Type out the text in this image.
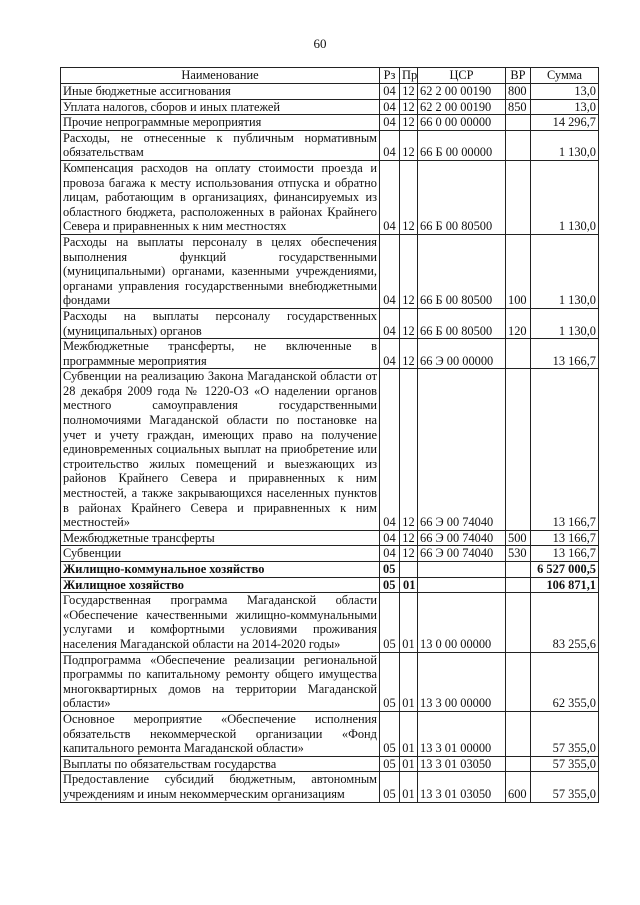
60
Наименование	Рз	Пр	ЦСР	ВР	Сумма
Иные бюджетные ассигнования	04	12	62 2 00 00190	800	13,0
Уплата налогов, сборов и иных платежей	04	12	62 2 00 00190	850	13,0
Прочие непрограммные мероприятия	04	12	66 0 00 00000		14 296,7
Расходы, не отнесенные к публичным нормативным обязательствам	04	12	66 Б 00 00000		1 130,0
Компенсация расходов на оплату стоимости проезда и провоза багажа к месту использования отпуска и обратно лицам, работающим в организациях, финансируемых из областного бюджета, расположенных в районах Крайнего Севера и приравненных к ним местностях	04	12	66 Б 00 80500		1 130,0
Расходы на выплаты персоналу в целях обеспечения выполнения функций государственными (муниципальными) органами, казенными учреждениями, органами управления государственными внебюджетными фондами	04	12	66 Б 00 80500	100	1 130,0
Расходы на выплаты персоналу государственных (муниципальных) органов	04	12	66 Б 00 80500	120	1 130,0
Межбюджетные трансферты, не включенные в программные мероприятия	04	12	66 Э 00 00000		13 166,7
Субвенции на реализацию Закона Магаданской области от 28 декабря 2009 года № 1220-ОЗ «О наделении органов местного самоуправления государственными полномочиями Магаданской области по постановке на учет и учету граждан, имеющих право на получение единовременных социальных выплат на приобретение или строительство жилых помещений и выезжающих из районов Крайнего Севера и приравненных к ним местностей, а также закрывающихся населенных пунктов в районах Крайнего Севера и приравненных к ним местностей»	04	12	66 Э 00 74040		13 166,7
Межбюджетные трансферты	04	12	66 Э 00 74040	500	13 166,7
Субвенции	04	12	66 Э 00 74040	530	13 166,7
Жилищно-коммунальное хозяйство	05				6 527 000,5
Жилищное хозяйство	05	01			106 871,1
Государственная программа Магаданской области «Обеспечение качественными жилищно-коммунальными услугами и комфортными условиями проживания населения Магаданской области на 2014-2020 годы»	05	01	13 0 00 00000		83 255,6
Подпрограмма «Обеспечение реализации региональной программы по капитальному ремонту общего имущества многоквартирных домов на территории Магаданской области»	05	01	13 3 00 00000		62 355,0
Основное мероприятие «Обеспечение исполнения обязательств некоммерческой организации «Фонд капитального ремонта Магаданской области»	05	01	13 3 01 00000		57 355,0
Выплаты по обязательствам государства	05	01	13 3 01 03050		57 355,0
Предоставление субсидий бюджетным, автономным учреждениям и иным некоммерческим организациям	05	01	13 3 01 03050	600	57 355,0
